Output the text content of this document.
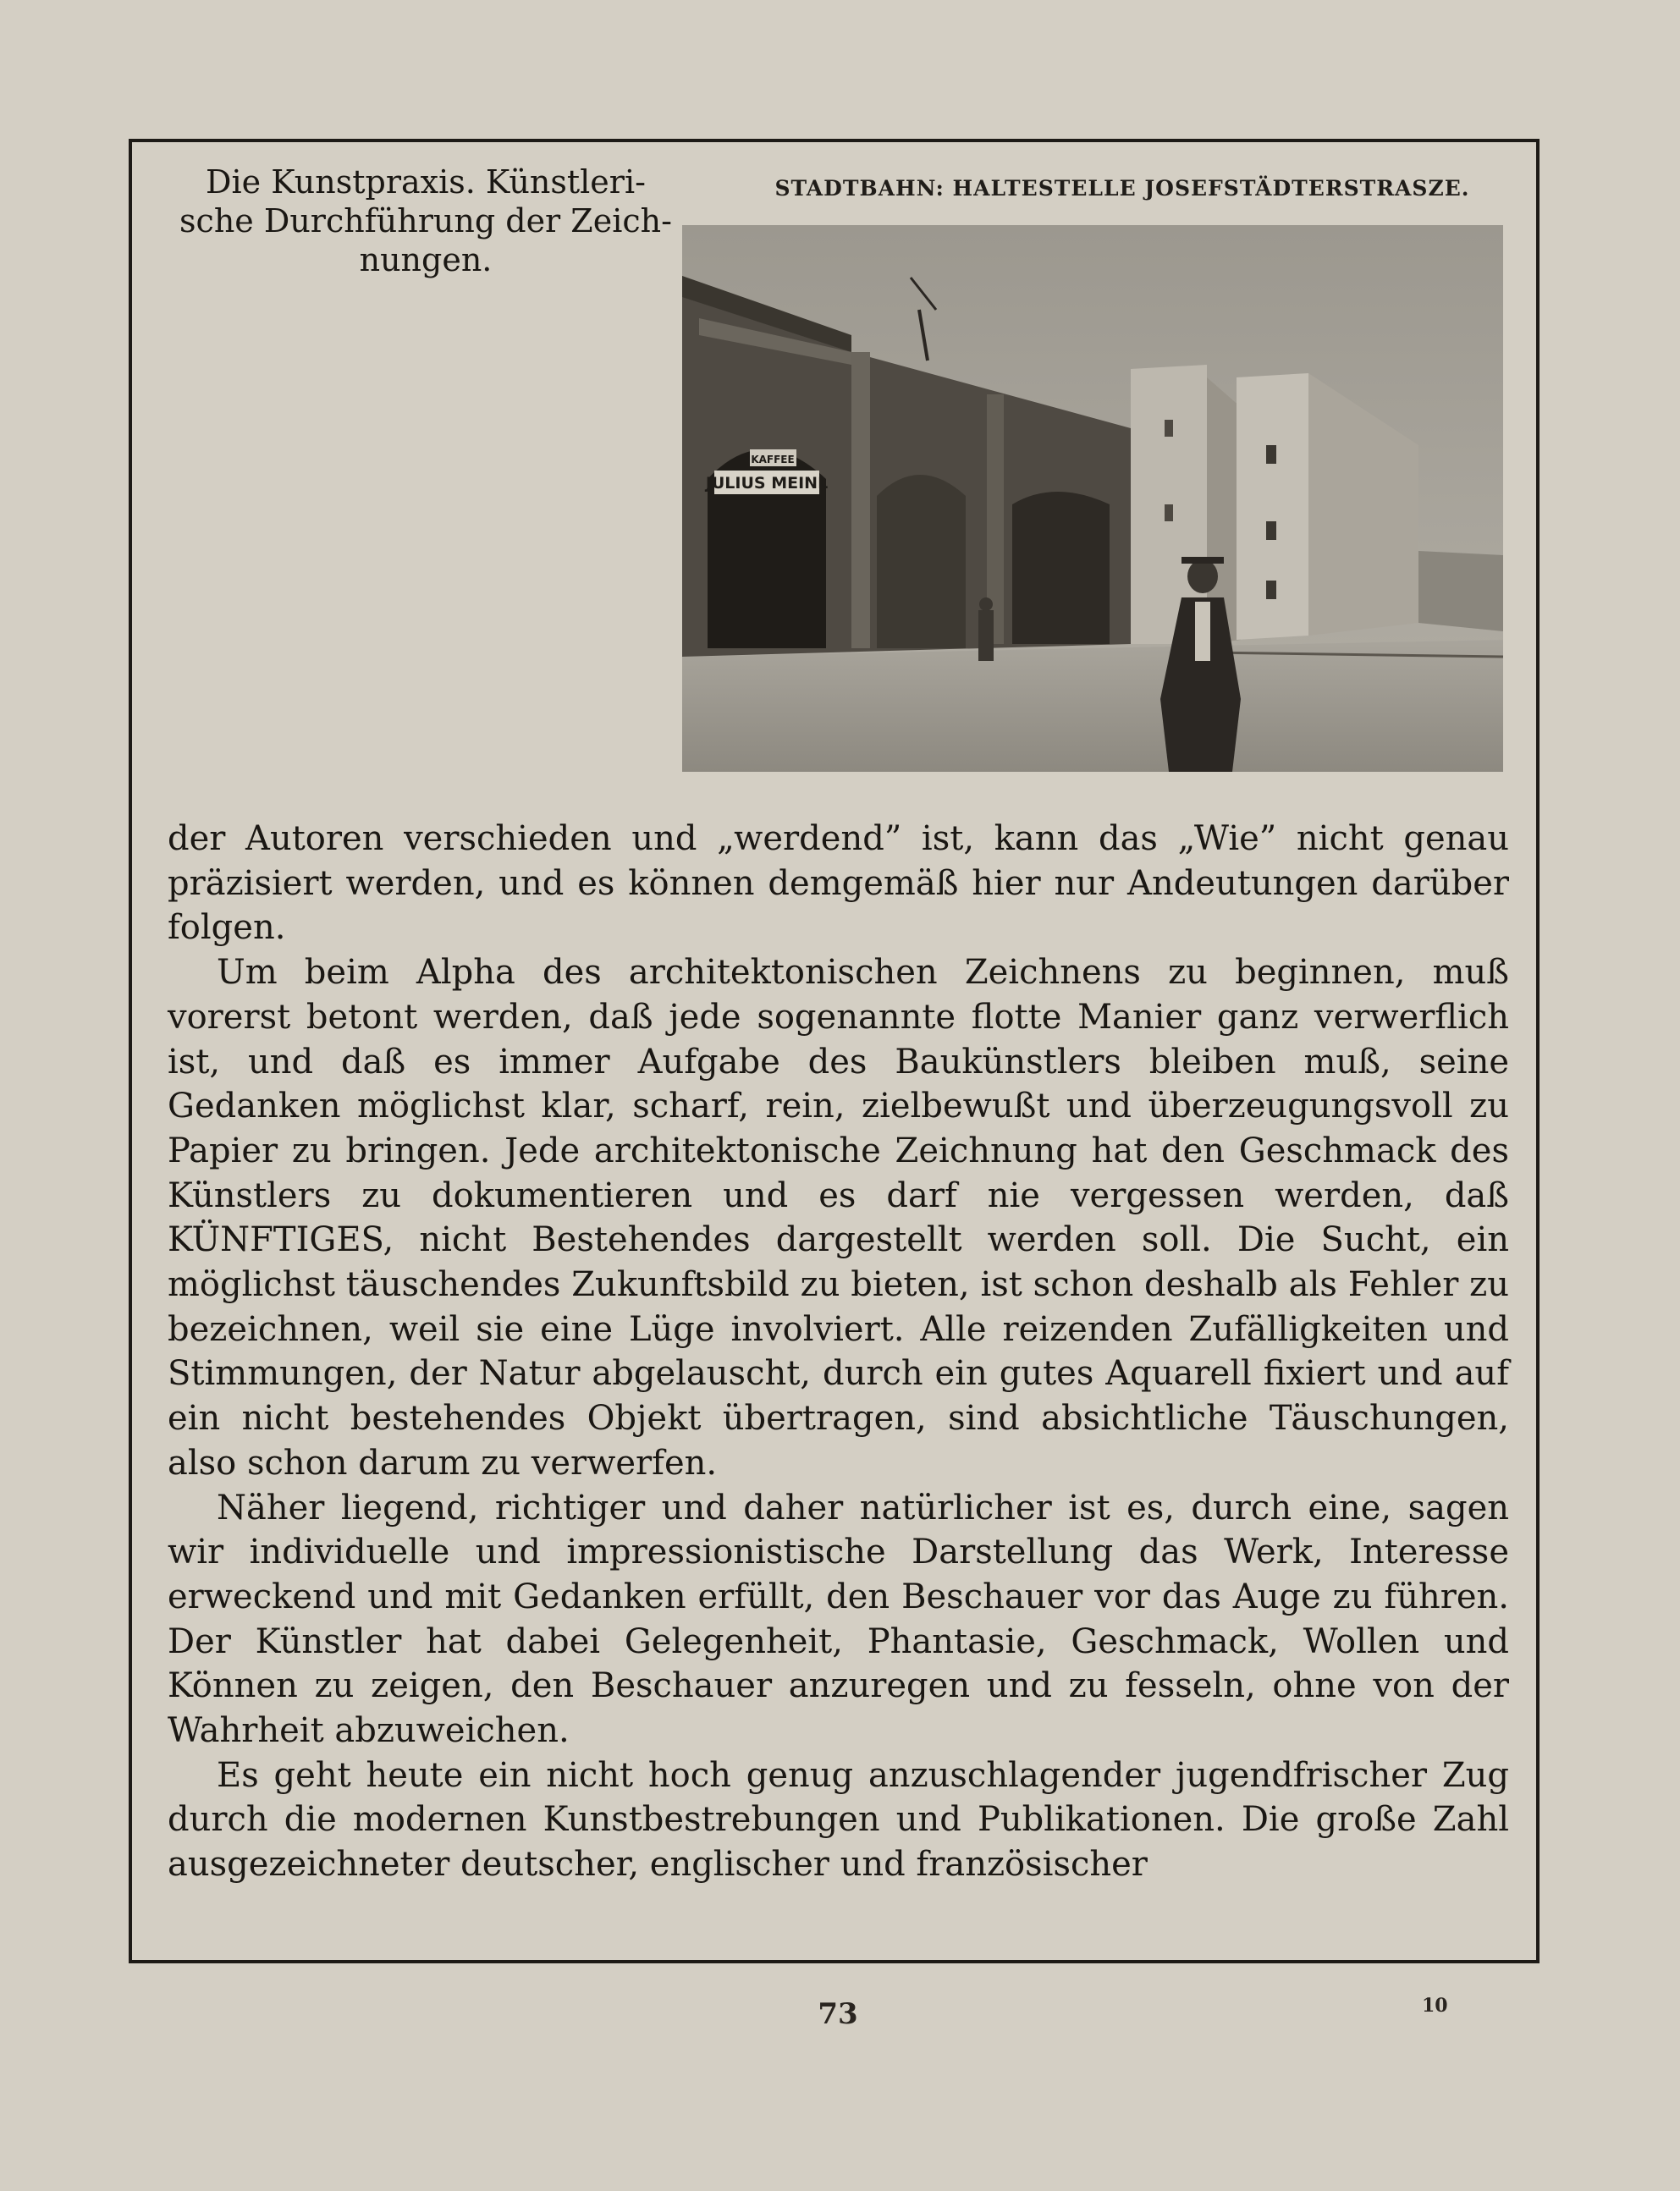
Die Kunstpraxis. Künstleri-
sche Durchführung der Zeich-
nungen.
STADTBAHN: HALTESTELLE JOSEFSTÄDTERSTRASZE.
JULIUS MEINL
KAFFEE

der Autoren verschieden und „werdend” ist, kann das „Wie” nicht genau präzisiert werden, und es können demgemäß hier nur Andeutungen darüber folgen.

Um beim Alpha des architektonischen Zeichnens zu beginnen, muß vorerst betont werden, daß jede sogenannte flotte Manier ganz verwerflich ist, und daß es immer Aufgabe des Baukünstlers bleiben muß, seine Gedanken möglichst klar, scharf, rein, zielbewußt und überzeugungsvoll zu Papier zu bringen. Jede architektonische Zeichnung hat den Geschmack des Künstlers zu dokumentieren und es darf nie vergessen werden, daß KÜNFTIGES, nicht Bestehendes dargestellt werden soll. Die Sucht, ein möglichst täuschendes Zukunftsbild zu bieten, ist schon deshalb als Fehler zu bezeichnen, weil sie eine Lüge involviert. Alle reizenden Zufälligkeiten und Stimmungen, der Natur abgelauscht, durch ein gutes Aquarell fixiert und auf ein nicht bestehendes Objekt übertragen, sind absichtliche Täuschungen, also schon darum zu verwerfen.

Näher liegend, richtiger und daher natürlicher ist es, durch eine, sagen wir individuelle und impressionistische Darstellung das Werk, Interesse erweckend und mit Gedanken erfüllt, den Beschauer vor das Auge zu führen. Der Künstler hat dabei Gelegenheit, Phantasie, Geschmack, Wollen und Können zu zeigen, den Beschauer anzuregen und zu fesseln, ohne von der Wahrheit abzuweichen.

Es geht heute ein nicht hoch genug anzuschlagender jugendfrischer Zug durch die modernen Kunstbestrebungen und Publikationen. Die große Zahl ausgezeichneter deutscher, englischer und französischer

73	10
